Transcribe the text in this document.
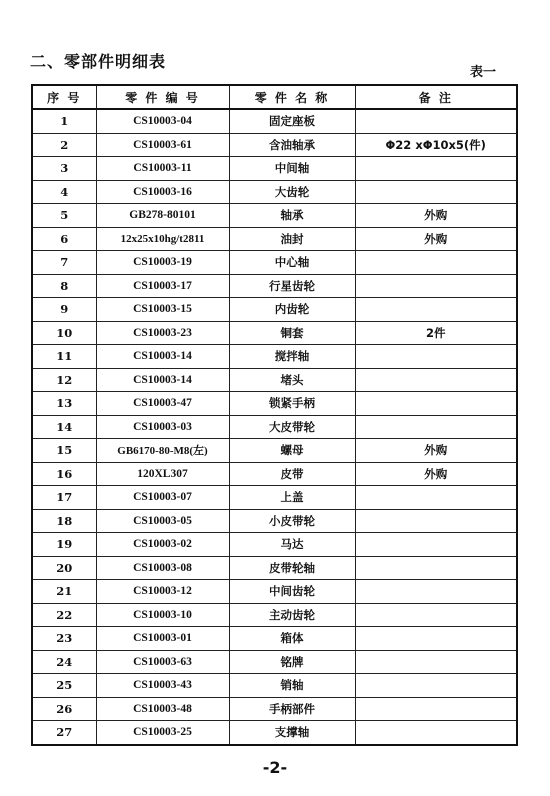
二、零部件明细表
表一
序 号	零 件 编 号	零 件 名 称	备 注
1	CS10003-04	固定座板	
2	CS10003-61	含油轴承	Φ22 xΦ10x5(件)
3	CS10003-11	中间轴	
4	CS10003-16	大齿轮	
5	GB278-80101	轴承	外购
6	12x25x10hg/t2811	油封	外购
7	CS10003-19	中心轴	
8	CS10003-17	行星齿轮	
9	CS10003-15	内齿轮	
10	CS10003-23	铜套	2件
11	CS10003-14	搅拌轴	
12	CS10003-14	堵头	
13	CS10003-47	锁紧手柄	
14	CS10003-03	大皮带轮	
15	GB6170-80-M8(左)	螺母	外购
16	120XL307	皮带	外购
17	CS10003-07	上盖	
18	CS10003-05	小皮带轮	
19	CS10003-02	马达	
20	CS10003-08	皮带轮轴	
21	CS10003-12	中间齿轮	
22	CS10003-10	主动齿轮	
23	CS10003-01	箱体	
24	CS10003-63	铭牌	
25	CS10003-43	销轴	
26	CS10003-48	手柄部件	
27	CS10003-25	支撑轴	
-2-
